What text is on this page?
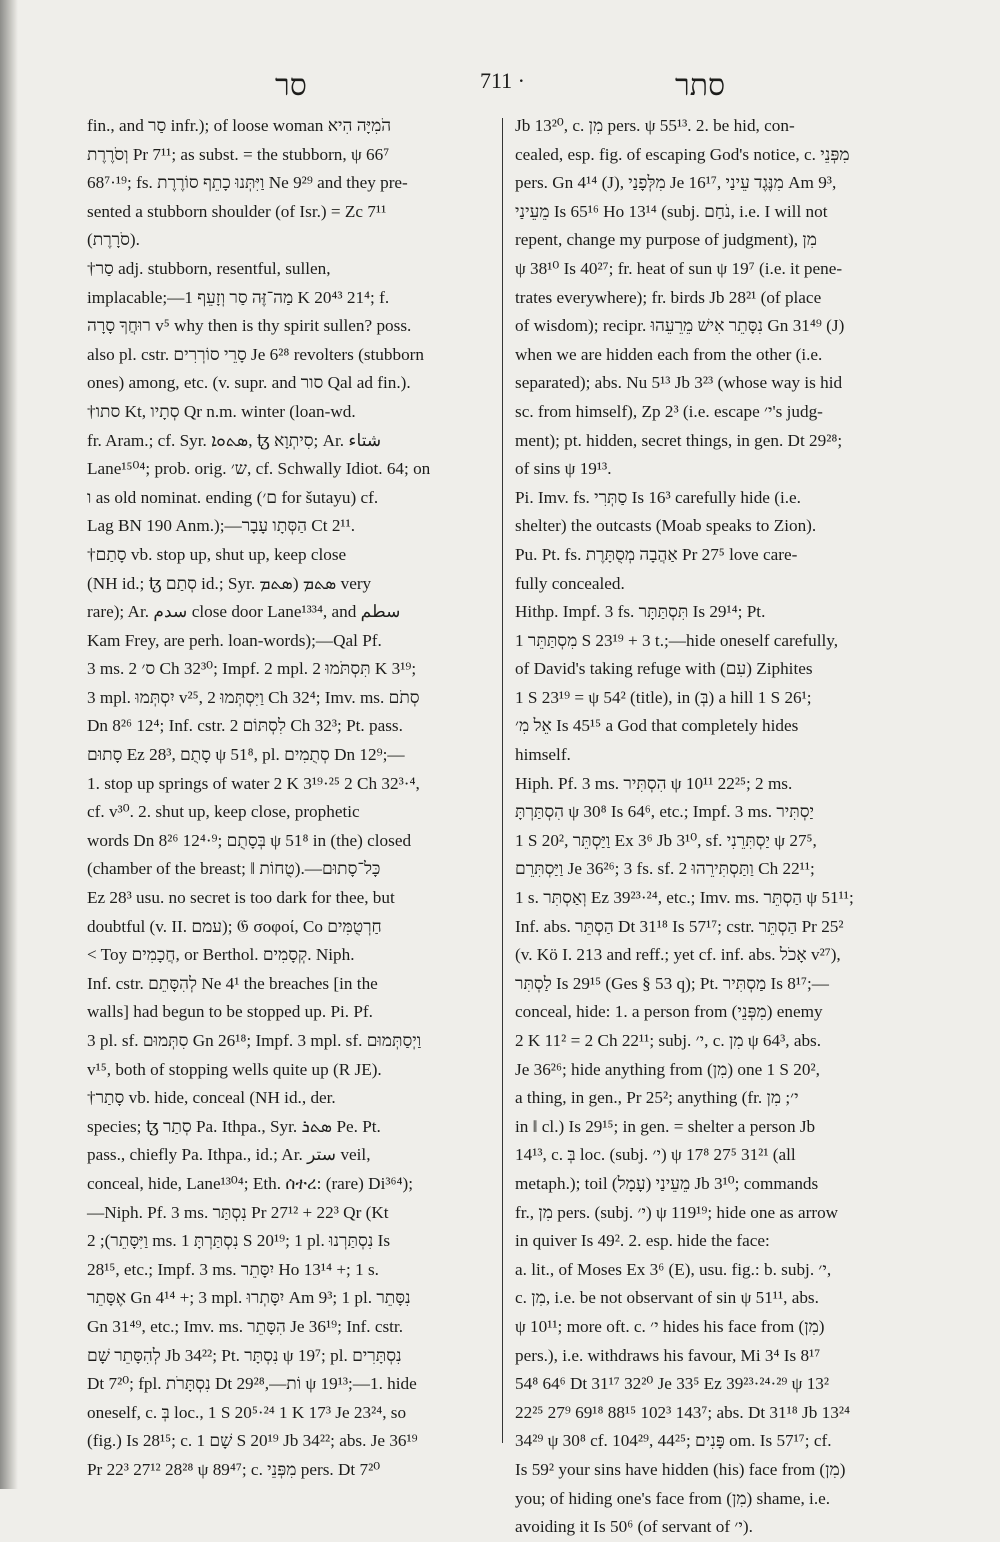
סר	711 ·	סתר
fin., and סַר infr.); of loose woman הֹמִיָּה הִיא
וְסֹרֶרֶת Pr 7¹¹; as subst. = the stubborn, ψ 66⁷
68⁷·¹⁹; fs. וַיִּתְּנוּ כָתֵף סוֹרֶרֶת Ne 9²⁹ and they pre-
sented a stubborn shoulder (of Isr.) = Zc 7¹¹
(סֹרָרֶת).
†סַר adj. stubborn, resentful, sullen,
implacable;—מַה־זֶּה סַר וְזָעֵף 1 K 20⁴³ 21⁴; f.
רוּחֲךָ סָרָה v⁵ why then is thy spirit sullen? poss.
also pl. cstr. סָרֵי סוֹרְרִים Je 6²⁸ revolters (stubborn
ones) among, etc. (v. supr. and סור Qal ad fin.).
†סתו Kt, סְתָיו Qr n.m. winter (loan-wd.
fr. Aram.; cf. Syr. ܣܬܘܐ, ꜩ סִיתְוָא; Ar. شتاء
Lane¹⁵⁰⁴; prob. orig. ש׳, cf. Schwally Idiot. 64; on
ו as old nominat. ending (ם׳ for šutayu) cf.
Lag BN 190 Anm.);—הַסְּתָו עָבָר Ct 2¹¹.
†סָתַם vb. stop up, shut up, keep close
(NH id.; ꜩ סְתַם id.; Syr. ܣܬܡ (ܣܬܡ very
rare); Ar. سدم close door Lane¹³³⁴, and سطم
Kam Frey, are perh. loan-words);—Qal Pf.
3 ms. ס׳ 2 Ch 32³⁰; Impf. 2 mpl. תִּסְתֹּמוּ 2 K 3¹⁹;
3 mpl. יִסְתְּמוּ v²⁵, וַיִּסְתְּמוּ 2 Ch 32⁴; Imv. ms. סְתֹם
Dn 8²⁶ 12⁴; Inf. cstr. לִסְתּוֹם 2 Ch 32³; Pt. pass.
סָתוּם Ez 28³, סָתֻם ψ 51⁸, pl. סְתֻמִים Dn 12⁹;—
1. stop up springs of water 2 K 3¹⁹·²⁵ 2 Ch 32³·⁴,
cf. v³⁰. 2. shut up, keep close, prophetic
words Dn 8²⁶ 12⁴·⁹; בְּסָתֻם ψ 51⁸ in (the) closed
(chamber of the breast; ‖ טֻחוֹת).—כָּל־סָתוּם
Ez 28³ usu. no secret is too dark for thee, but
doubtful (v. II. עמם); 𝔊 σοφοί, Co חַרְטֻמִּים
< Toy חֲכָמִים, or Berthol. קְסָמִים. Niph.
Inf. cstr. לְהִסָּתֵם Ne 4¹ the breaches [in the
walls] had begun to be stopped up. Pi. Pf.
3 pl. sf. סִתְּמוּם Gn 26¹⁸; Impf. 3 mpl. sf. וַיְסַתְּמוּם
v¹⁵, both of stopping wells quite up (R JE).
†סָתַר vb. hide, conceal (NH id., der.
species; ꜩ סְתַר Pa. Ithpa., Syr. ܣܬܪ Pe. Pt.
pass., chiefly Pa. Ithpa., id.; Ar. ستر veil,
conceal, hide, Lane¹³⁰⁴; Eth. ሰተረ: (rare) Di³⁶⁴);
—Niph. Pf. 3 ms. נִסְתַּר Pr 27¹² + 22³ Qr (Kt
וַיִּסָּתֵר); 2 ms. נִסְתַּרְתָּ 1 S 20¹⁹; 1 pl. נִסְתַּרְנוּ Is
28¹⁵, etc.; Impf. 3 ms. יִסָּתֵר Ho 13¹⁴ +; 1 s.
אֶסָּתֵר Gn 4¹⁴ +; 3 mpl. יִסָּתְרוּ Am 9³; 1 pl. נִסָּתֵר
Gn 31⁴⁹, etc.; Imv. ms. הִסָּתֵר Je 36¹⁹; Inf. cstr.
לְהִסָּתֵר שָׁם Jb 34²²; Pt. נִסְתָּר ψ 19⁷; pl. נִסְתָּרִים
Dt 7²⁰; fpl. נִסְתָּרֹת Dt 29²⁸,—וֹת ψ 19¹³;—1. hide
oneself, c. בְּ loc., 1 S 20⁵·²⁴ 1 K 17³ Je 23²⁴, so
(fig.) Is 28¹⁵; c. שָׁם 1 S 20¹⁹ Jb 34²²; abs. Je 36¹⁹
Pr 22³ 27¹² 28²⁸ ψ 89⁴⁷; c. מִפְּנֵי pers. Dt 7²⁰
Jb 13²⁰, c. מִן pers. ψ 55¹³. 2. be hid, con-
cealed, esp. fig. of escaping God's notice, c. מִפְּנֵי
pers. Gn 4¹⁴ (J), מִלְּפָנַי Je 16¹⁷, מִנֶּגֶד עֵינַי Am 9³,
מֵעֵינַי Is 65¹⁶ Ho 13¹⁴ (subj. נֹחַם, i.e. I will not
repent, change my purpose of judgment), מִן
ψ 38¹⁰ Is 40²⁷; fr. heat of sun ψ 19⁷ (i.e. it pene-
trates everywhere); fr. birds Jb 28²¹ (of place
of wisdom); recipr. נִסָּתֵר אִישׁ מֵרֵעֵהוּ Gn 31⁴⁹ (J)
when we are hidden each from the other (i.e.
separated); abs. Nu 5¹³ Jb 3²³ (whose way is hid
sc. from himself), Zp 2³ (i.e. escape י׳'s judg-
ment); pt. hidden, secret things, in gen. Dt 29²⁸;
of sins ψ 19¹³.
Pi. Imv. fs. סַתְּרִי Is 16³ carefully hide (i.e.
shelter) the outcasts (Moab speaks to Zion).
Pu. Pt. fs. אַהֲבָה מְסֻתָּרֶת Pr 27⁵ love care-
fully concealed.
Hithp. Impf. 3 fs. תִּסְתַּתָּר Is 29¹⁴; Pt.
מִסְתַּתֵּר 1 S 23¹⁹ + 3 t.;—hide oneself carefully,
of David's taking refuge with (עִם) Ziphites
1 S 23¹⁹ = ψ 54² (title), in (בְּ) a hill 1 S 26¹;
אֵל מִ׳ Is 45¹⁵ a God that completely hides
himself.
Hiph. Pf. 3 ms. הִסְתִּיר ψ 10¹¹ 22²⁵; 2 ms.
הִסְתַּרְתָּ ψ 30⁸ Is 64⁶, etc.; Impf. 3 ms. יַסְתִּיר
1 S 20², וַיַּסְתֵּר Ex 3⁶ Jb 3¹⁰, sf. יַסְתִּרֵנִי ψ 27⁵,
וַיַּסְתִּרֵם Je 36²⁶; 3 fs. sf. וַתַּסְתִּירֵהוּ 2 Ch 22¹¹;
1 s. וְאַסְתִּר Ez 39²³·²⁴, etc.; Imv. ms. הַסְתֵּר ψ 51¹¹;
Inf. abs. הַסְתֵּר Dt 31¹⁸ Is 57¹⁷; cstr. הַסְתֵּר Pr 25²
(v. Kö I. 213 and reff.; yet cf. inf. abs. אָכֹל v²⁷),
לַסְתִּר Is 29¹⁵ (Ges § 53 q); Pt. מַסְתִּיר Is 8¹⁷;—
conceal, hide: 1. a person from (מִפְּנֵי) enemy
2 K 11² = 2 Ch 22¹¹; subj. י׳, c. מִן ψ 64³, abs.
Je 36²⁶; hide anything from (מִן) one 1 S 20²,
a thing, in gen., Pr 25²; anything (fr. י׳; מִן
in ‖ cl.) Is 29¹⁵; in gen. = shelter a person Jb
14¹³, c. בְּ loc. (subj. י׳) ψ 17⁸ 27⁵ 31²¹ (all
metaph.); toil (עָמָל) מֵעֵינַי Jb 3¹⁰; commands
fr., מִן pers. (subj. י׳) ψ 119¹⁹; hide one as arrow
in quiver Is 49². 2. esp. hide the face:
a. lit., of Moses Ex 3⁶ (E), usu. fig.: b. subj. י׳,
c. מִן, i.e. be not observant of sin ψ 51¹¹, abs.
ψ 10¹¹; more oft. c. י׳ hides his face from (מִן)
pers.), i.e. withdraws his favour, Mi 3⁴ Is 8¹⁷
54⁸ 64⁶ Dt 31¹⁷ 32²⁰ Je 33⁵ Ez 39²³·²⁴·²⁹ ψ 13²
22²⁵ 27⁹ 69¹⁸ 88¹⁵ 102³ 143⁷; abs. Dt 31¹⁸ Jb 13²⁴
34²⁹ ψ 30⁸ cf. 104²⁹, 44²⁵; פָּנִים om. Is 57¹⁷; cf.
Is 59² your sins have hidden (his) face from (מִן)
you; of hiding one's face from (מִן) shame, i.e.
avoiding it Is 50⁶ (of servant of י׳).
